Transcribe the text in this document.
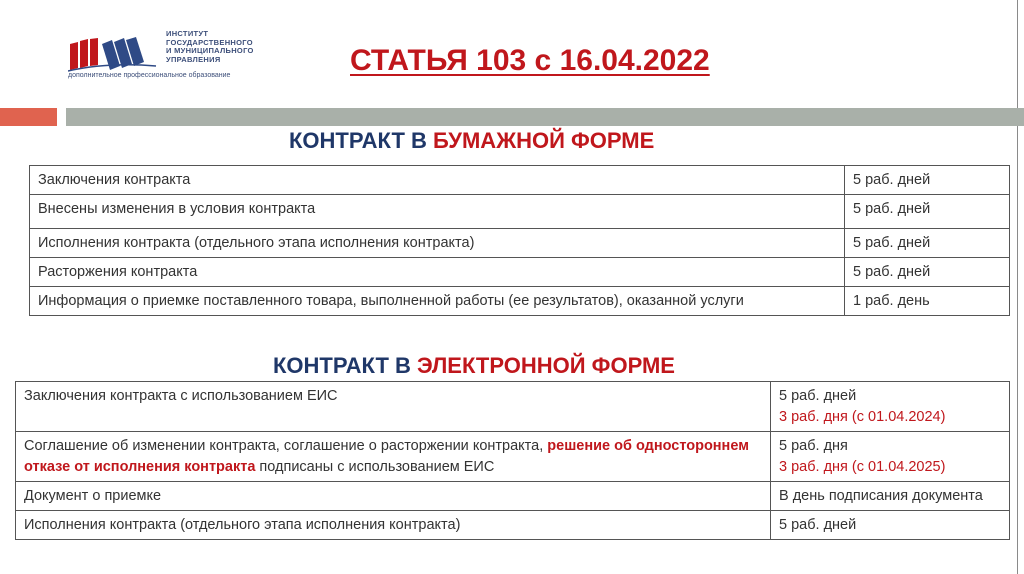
ИНСТИТУТ
ГОСУДАРСТВЕННОГО
И МУНИЦИПАЛЬНОГО
УПРАВЛЕНИЯ
дополнительное профессиональное образование	СТАТЬЯ 103 с 16.04.2022
КОНТРАКТ В БУМАЖНОЙ ФОРМЕ
Заключения контракта	5 раб. дней
Внесены изменения в условия контракта	5 раб. дней
Исполнения контракта (отдельного этапа исполнения контракта)	5 раб. дней
Расторжения контракта	5 раб. дней
Информация о приемке поставленного товара, выполненной работы (ее результатов), оказанной услуги	1 раб. день
КОНТРАКТ В ЭЛЕКТРОННОЙ ФОРМЕ
Заключения контракта с использованием ЕИС	5 раб. дней
3 раб. дня (с 01.04.2024)

Соглашение об изменении контракта, соглашение о расторжении контракта, решение об одностороннем отказе от исполнения контракта подписаны с использованием ЕИС	5 раб. дня
3 раб. дня (с 01.04.2025)

Документ о приемке	В день подписания документа
Исполнения контракта (отдельного этапа исполнения контракта)	5 раб. дней
